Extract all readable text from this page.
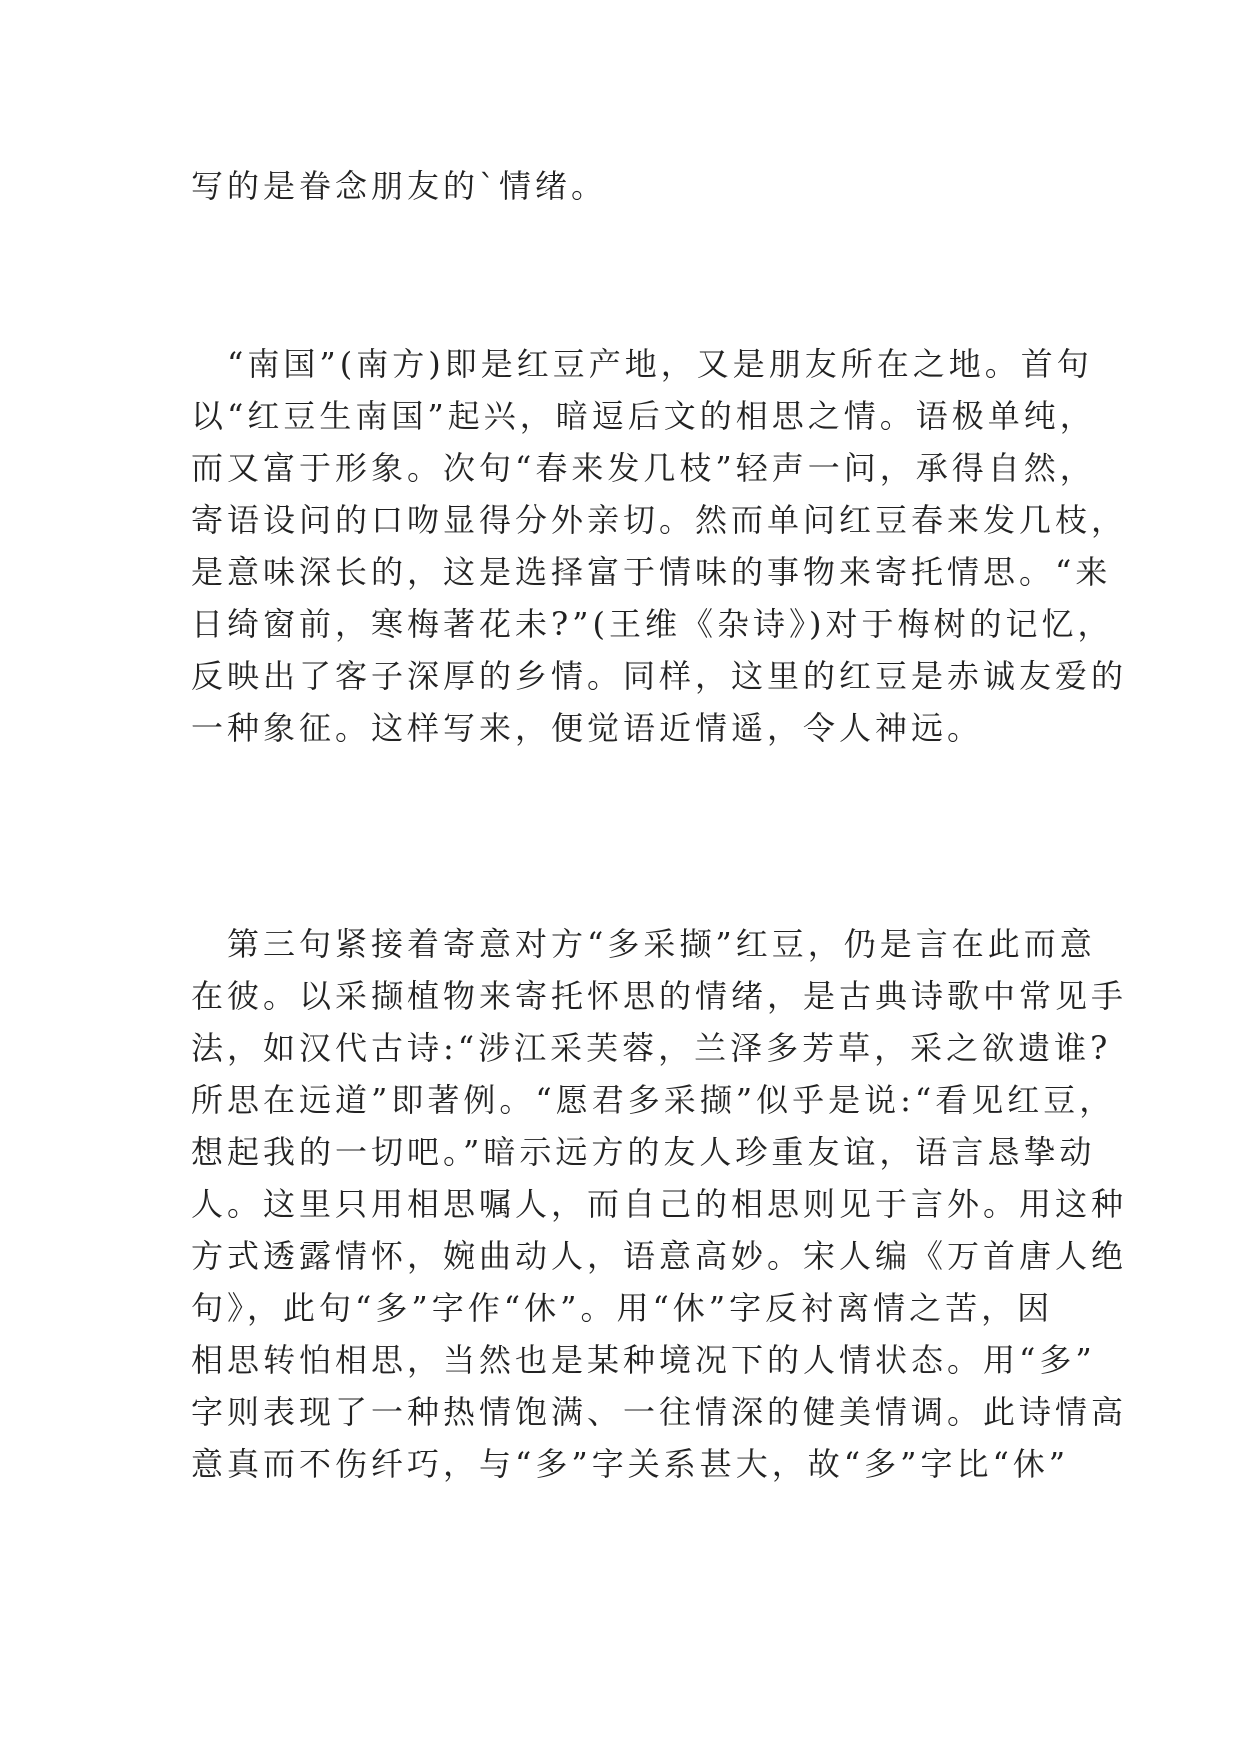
写的是眷念朋友的`情绪。
　“南国”(南方)即是红豆产地，又是朋友所在之地。首句
以“红豆生南国”起兴，暗逗后文的相思之情。语极单纯，
而又富于形象。次句“春来发几枝”轻声一问，承得自然，
寄语设问的口吻显得分外亲切。然而单问红豆春来发几枝，
是意味深长的，这是选择富于情味的事物来寄托情思。“来
日绮窗前，寒梅著花未?”(王维《杂诗》)对于梅树的记忆，
反映出了客子深厚的乡情。同样，这里的红豆是赤诚友爱的
一种象征。这样写来，便觉语近情遥，令人神远。
　第三句紧接着寄意对方“多采撷”红豆，仍是言在此而意
在彼。以采撷植物来寄托怀思的情绪，是古典诗歌中常见手
法，如汉代古诗:“涉江采芙蓉，兰泽多芳草，采之欲遗谁?
所思在远道”即著例。“愿君多采撷”似乎是说:“看见红豆，
想起我的一切吧。”暗示远方的友人珍重友谊，语言恳挚动
人。这里只用相思嘱人，而自己的相思则见于言外。用这种
方式透露情怀，婉曲动人，语意高妙。宋人编《万首唐人绝
句》，此句“多”字作“休”。用“休”字反衬离情之苦，因
相思转怕相思，当然也是某种境况下的人情状态。用“多”
字则表现了一种热情饱满、一往情深的健美情调。此诗情高
意真而不伤纤巧，与“多”字关系甚大，故“多”字比“休”
